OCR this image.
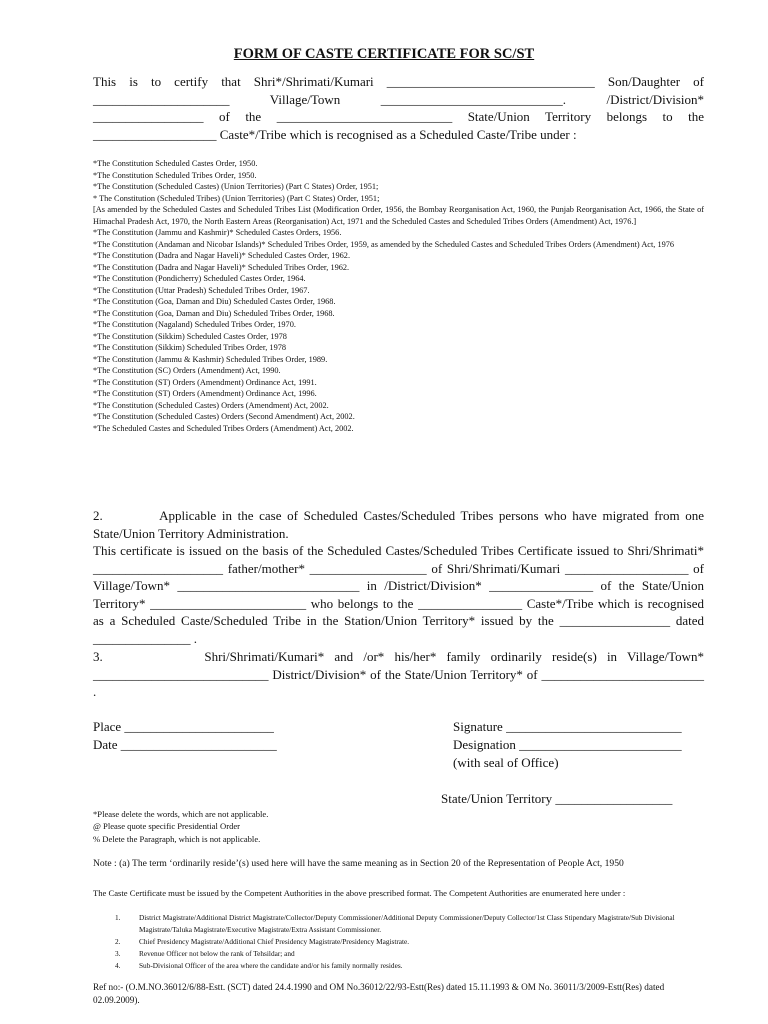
FORM OF CASTE CERTIFICATE FOR SC/ST

This is to certify that Shri*/Shrimati/Kumari ________________________________ Son/Daughter of _____________________ Village/Town ____________________________. /District/Division* _________________ of the ___________________________ State/Union Territory belongs to the ___________________ Caste*/Tribe which is recognised as a Scheduled Caste/Tribe under :

*The Constitution Scheduled Castes Order, 1950.
*The Constitution Scheduled Tribes Order, 1950.
*The Constitution (Scheduled Castes) (Union Territories) (Part C States) Order, 1951;
* The Constitution (Scheduled Tribes) (Union Territories) (Part C States) Order, 1951;
[As amended by the Scheduled Castes and Scheduled Tribes List (Modification Order, 1956, the Bombay Reorganisation Act, 1960, the Punjab Reorganisation Act, 1966, the State of Himachal Pradesh Act, 1970, the North Eastern Areas (Reorganisation) Act, 1971 and the Scheduled Castes and Scheduled Tribes Orders (Amendment) Act, 1976.]
*The Constitution (Jammu and Kashmir)* Scheduled Castes Orders, 1956.
*The Constitution (Andaman and Nicobar Islands)* Scheduled Tribes Order, 1959, as amended by the Scheduled Castes and Scheduled Tribes Orders (Amendment) Act, 1976
*The Constitution (Dadra and Nagar Haveli)* Scheduled Castes Order, 1962.
*The Constitution (Dadra and Nagar Haveli)* Scheduled Tribes Order, 1962.
*The Constitution (Pondicherry) Scheduled Castes Order, 1964.
*The Constitution (Uttar Pradesh) Scheduled Tribes Order, 1967.
*The Constitution (Goa, Daman and Diu) Scheduled Castes Order, 1968.
*The Constitution (Goa, Daman and Diu) Scheduled Tribes Order, 1968.
*The Constitution (Nagaland) Scheduled Tribes Order, 1970.
*The Constitution (Sikkim) Scheduled Castes Order, 1978
*The Constitution (Sikkim) Scheduled Tribes Order, 1978
*The Constitution (Jammu & Kashmir) Scheduled Tribes Order, 1989.
*The Constitution (SC) Orders (Amendment) Act, 1990.
*The Constitution (ST) Orders (Amendment) Ordinance Act, 1991.
*The Constitution (ST) Orders (Amendment) Ordinance Act, 1996.
*The Constitution (Scheduled Castes) Orders (Amendment) Act, 2002.
*The Constitution (Scheduled Castes) Orders (Second Amendment) Act, 2002.
*The Scheduled Castes and Scheduled Tribes Orders (Amendment) Act, 2002.

2.          Applicable in the case of Scheduled Castes/Scheduled Tribes persons who have migrated from one State/Union Territory Administration.

This certificate is issued on the basis of the Scheduled Castes/Scheduled Tribes Certificate issued to Shri/Shrimati* ____________________ father/mother* __________________ of Shri/Shrimati/Kumari ___________________ of Village/Town* ____________________________ in /District/Division* ________________ of the State/Union Territory* ________________________ who belongs to the ________________ Caste*/Tribe which is recognised as a Scheduled Caste/Scheduled Tribe in the Station/Union Territory* issued by the _________________ dated _______________ .

3.          Shri/Shrimati/Kumari* and /or* his/her* family ordinarily reside(s) in Village/Town* ___________________________ District/Division* of the State/Union Territory* of _________________________ .

Place _______________________
Date ________________________
Signature ___________________________
Designation _________________________
(with seal of Office)
State/Union Territory __________________
*Please delete the words, which are not applicable.
@ Please quote specific Presidential Order
% Delete the Paragraph, which is not applicable.
Note : (a) The term ‘ordinarily reside’(s) used here will have the same meaning as in Section 20 of the Representation of People Act, 1950
The Caste Certificate must be issued by the Competent Authorities in the above prescribed format. The Competent Authorities are enumerated here under :
1.	District Magistrate/Additional District Magistrate/Collector/Deputy Commissioner/Additional Deputy Commissioner/Deputy Collector/1st Class Stipendary Magistrate/Sub Divisional Magistrate/Taluka Magistrate/Executive Magistrate/Extra Assistant Commissioner.
2.	Chief Presidency Magistrate/Additional Chief Presidency Magistrate/Presidency Magistrate.
3.	Revenue Officer not below the rank of Tehsildar; and
4.	Sub-Divisional Officer of the area where the candidate and/or his family normally resides.
Ref no:- (O.M.NO.36012/6/88-Estt. (SCT) dated 24.4.1990 and OM No.36012/22/93-Estt(Res) dated 15.11.1993 & OM No. 36011/3/2009-Estt(Res) dated 02.09.2009).
